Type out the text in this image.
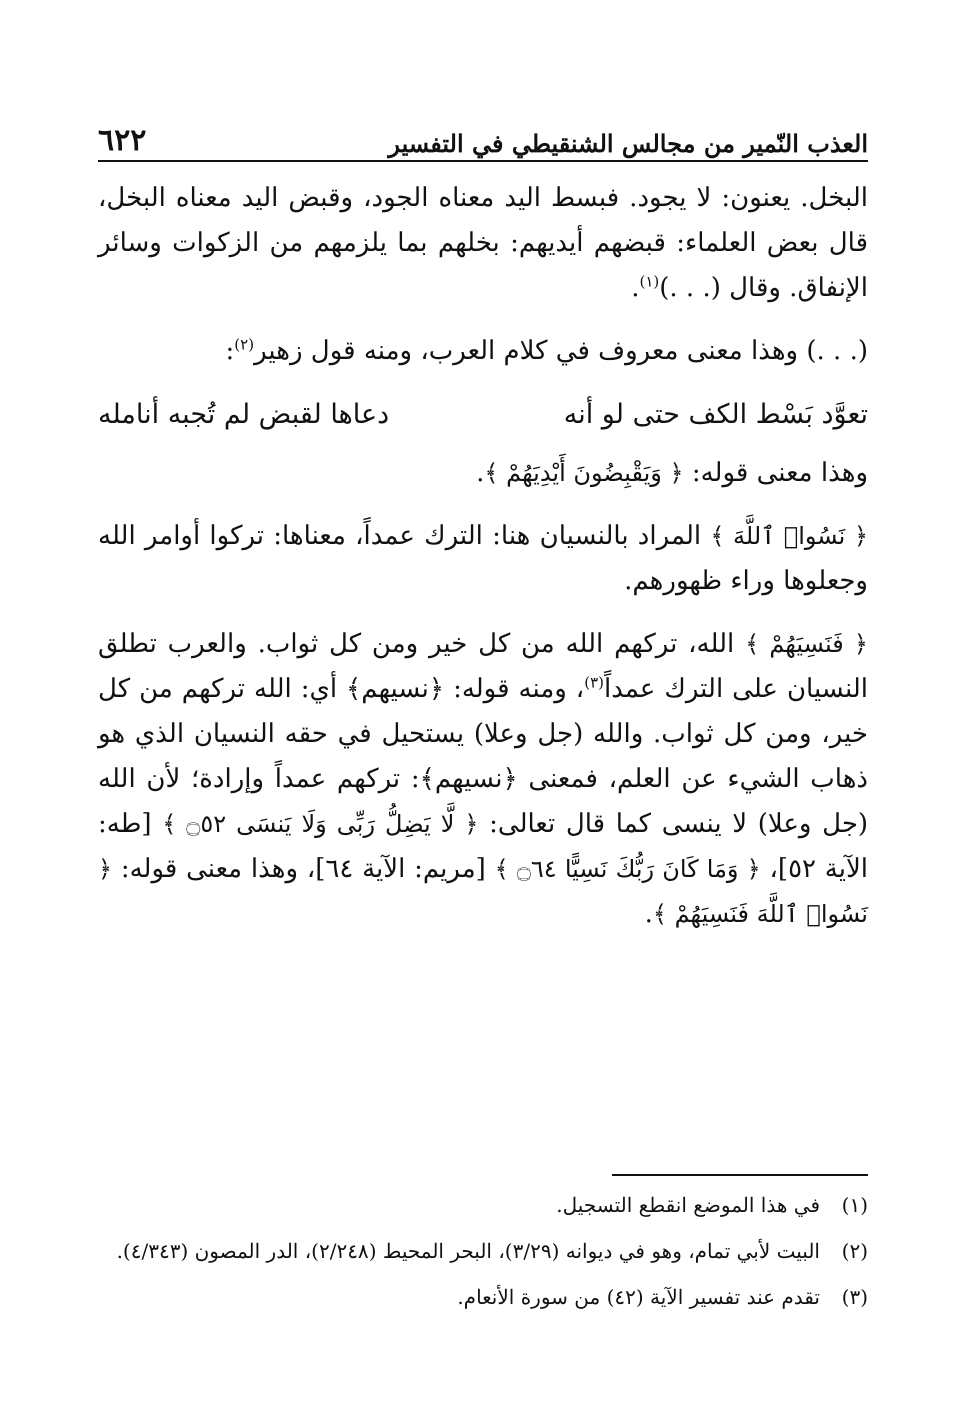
٦٢٢	العذب النّمير من مجالس الشنقيطي في التفسير

البخل. يعنون: لا يجود. فبسط اليد معناه الجود، وقبض اليد معناه البخل، قال بعض العلماء: قبضهم أيديهم: بخلهم بما يلزمهم من الزكوات وسائر الإنفاق. وقال (. . .)$^{(١)}$.

(. . .) وهذا معنى معروف في كلام العرب، ومنه قول زهير$^{(٢)}$:

تعوَّد بَسْط الكف حتى لو أنه
دعاها لقبض لم تُجبه أنامله

وهذا معنى قوله: ﴿ وَيَقْبِضُونَ أَيْدِيَهُمْ ﴾.

﴿ نَسُوا۟ ٱللَّهَ ﴾ المراد بالنسيان هنا: الترك عمداً، معناها: تركوا أوامر الله وجعلوها وراء ظهورهم.

﴿ فَنَسِيَهُمْ ﴾ الله، تركهم الله من كل خير ومن كل ثواب. والعرب تطلق النسيان على الترك عمداً$^{(٣)}$، ومنه قوله: ﴿نسيهم﴾ أي: الله تركهم من كل خير، ومن كل ثواب. والله (جل وعلا) يستحيل في حقه النسيان الذي هو ذهاب الشيء عن العلم، فمعنى ﴿نسيهم﴾: تركهم عمداً وإرادة؛ لأن الله (جل وعلا) لا ينسى كما قال تعالى: ﴿ لَّا يَضِلُّ رَبِّى وَلَا يَنسَى ۝٥٢ ﴾ [طه: الآية ٥٢]، ﴿ وَمَا كَانَ رَبُّكَ نَسِيًّا ۝٦٤ ﴾ [مريم: الآية ٦٤]، وهذا معنى قوله: ﴿ نَسُوا۟ ٱللَّهَ فَنَسِيَهُمْ ﴾.

(١)
في هذا الموضع انقطع التسجيل.
(٢)
البيت لأبي تمام، وهو في ديوانه (٣/٢٩)، البحر المحيط (٢/٢٤٨)، الدر المصون (٤/٣٤٣).
(٣)
تقدم عند تفسير الآية (٤٢) من سورة الأنعام.
